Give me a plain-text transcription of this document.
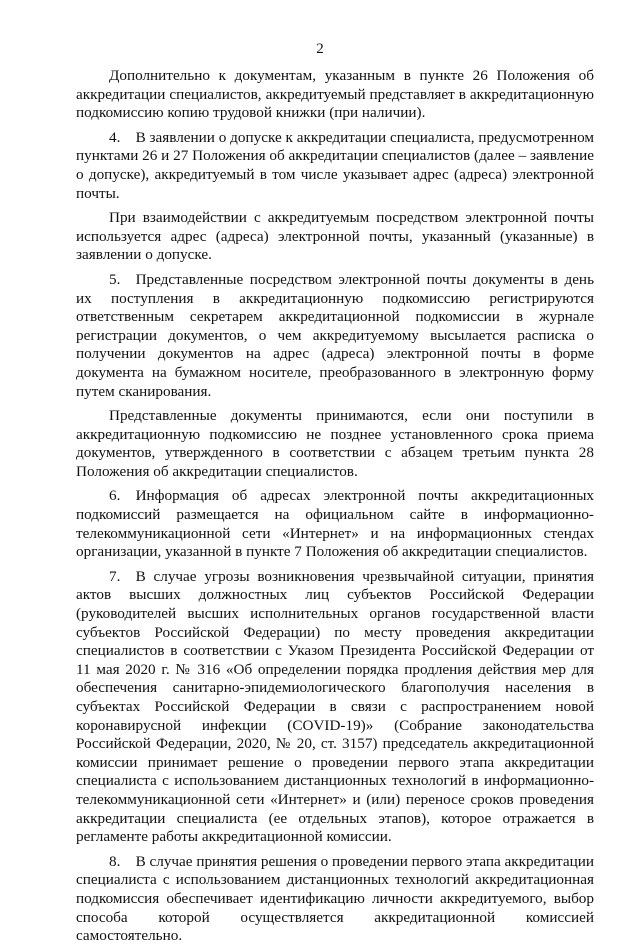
2

Дополнительно к документам, указанным в пункте 26 Положения об аккредитации специалистов, аккредитуемый представляет в аккредитационную подкомиссию копию трудовой книжки (при наличии).

4. В заявлении о допуске к аккредитации специалиста, предусмотренном пунктами 26 и 27 Положения об аккредитации специалистов (далее – заявление о допуске), аккредитуемый в том числе указывает адрес (адреса) электронной почты.

При взаимодействии с аккредитуемым посредством электронной почты используется адрес (адреса) электронной почты, указанный (указанные) в заявлении о допуске.

5. Представленные посредством электронной почты документы в день их поступления в аккредитационную подкомиссию регистрируются ответственным секретарем аккредитационной подкомиссии в журнале регистрации документов, о чем аккредитуемому высылается расписка о получении документов на адрес (адреса) электронной почты в форме документа на бумажном носителе, преобразованного в электронную форму путем сканирования.

Представленные документы принимаются, если они поступили в аккредитационную подкомиссию не позднее установленного срока приема документов, утвержденного в соответствии с абзацем третьим пункта 28 Положения об аккредитации специалистов.

6. Информация об адресах электронной почты аккредитационных подкомиссий размещается на официальном сайте в информационно-телекоммуникационной сети «Интернет» и на информационных стендах организации, указанной в пункте 7 Положения об аккредитации специалистов.

7. В случае угрозы возникновения чрезвычайной ситуации, принятия актов высших должностных лиц субъектов Российской Федерации (руководителей высших исполнительных органов государственной власти субъектов Российской Федерации) по месту проведения аккредитации специалистов в соответствии с Указом Президента Российской Федерации от 11 мая 2020 г. № 316 «Об определении порядка продления действия мер для обеспечения санитарно-эпидемиологического благополучия населения в субъектах Российской Федерации в связи с распространением новой коронавирусной инфекции (COVID-19)» (Собрание законодательства Российской Федерации, 2020, № 20, ст. 3157) председатель аккредитационной комиссии принимает решение о проведении первого этапа аккредитации специалиста с использованием дистанционных технологий в информационно-телекоммуникационной сети «Интернет» и (или) переносе сроков проведения аккредитации специалиста (ее отдельных этапов), которое отражается в регламенте работы аккредитационной комиссии.

8. В случае принятия решения о проведении первого этапа аккредитации специалиста с использованием дистанционных технологий аккредитационная подкомиссия обеспечивает идентификацию личности аккредитуемого, выбор способа которой осуществляется аккредитационной комиссией самостоятельно.
